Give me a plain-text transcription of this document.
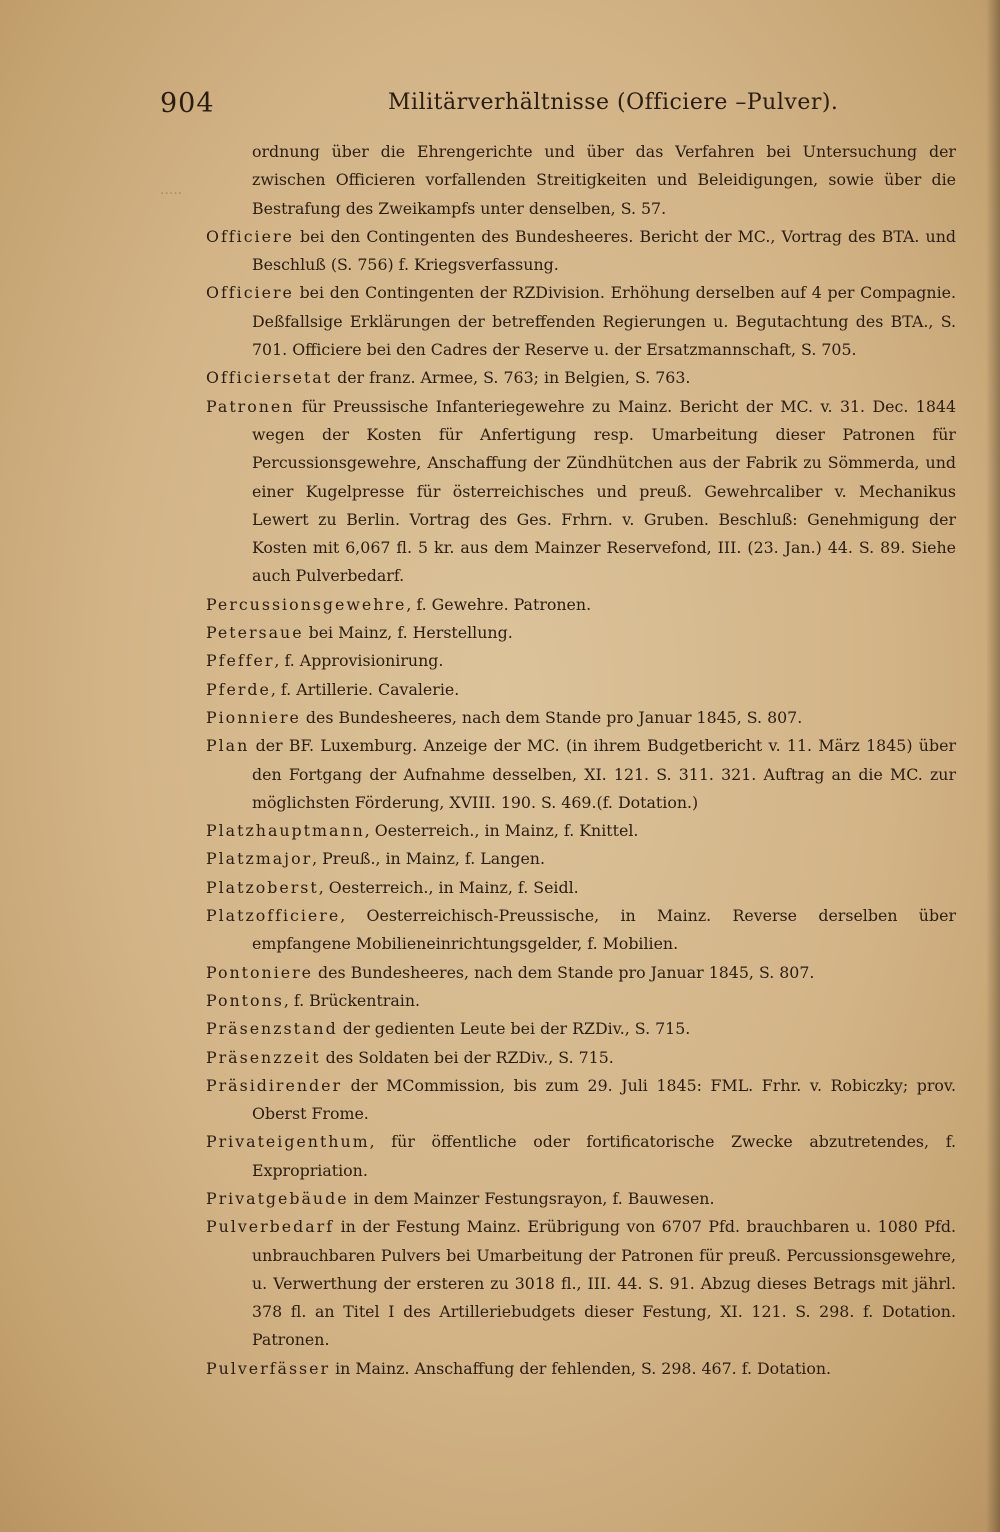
·····
904	Militärverhältnisse (Officiere –Pulver).

ordnung über die Ehrengerichte und über das Verfahren bei Untersuchung der zwischen Officieren vorfallenden Streitigkeiten und Beleidigungen, sowie über die Bestrafung des Zweikampfs unter denselben, S. 57.

Officiere bei den Contingenten des Bundesheeres. Bericht der MC., Vortrag des BTA. und Beschluß (S. 756) f. Kriegsverfassung.

Officiere bei den Contingenten der RZDivision. Erhöhung derselben auf 4 per Compagnie. Deßfallsige Erklärungen der betreffenden Regierungen u. Begutachtung des BTA., S. 701. Officiere bei den Cadres der Reserve u. der Ersatzmannschaft, S. 705.

Officiersetat der franz. Armee, S. 763; in Belgien, S. 763.

Patronen für Preussische Infanteriegewehre zu Mainz. Bericht der MC. v. 31. Dec. 1844 wegen der Kosten für Anfertigung resp. Umarbeitung dieser Patronen für Percussionsgewehre, Anschaffung der Zündhütchen aus der Fabrik zu Sömmerda, und einer Kugelpresse für österreichisches und preuß. Gewehrcaliber v. Mechanikus Lewert zu Berlin. Vortrag des Ges. Frhrn. v. Gruben. Beschluß: Genehmigung der Kosten mit 6,067 fl. 5 kr. aus dem Mainzer Reservefond, III. (23. Jan.) 44. S. 89. Siehe auch Pulverbedarf.

Percussionsgewehre, f. Gewehre. Patronen.

Petersaue bei Mainz, f. Herstellung.

Pfeffer, f. Approvisionirung.

Pferde, f. Artillerie. Cavalerie.

Pionniere des Bundesheeres, nach dem Stande pro Januar 1845, S. 807.

Plan der BF. Luxemburg. Anzeige der MC. (in ihrem Budgetbericht v. 11. März 1845) über den Fortgang der Aufnahme desselben, XI. 121. S. 311. 321. Auftrag an die MC. zur möglichsten Förderung, XVIII. 190. S. 469.(f. Dotation.)

Platzhauptmann, Oesterreich., in Mainz, f. Knittel.

Platzmajor, Preuß., in Mainz, f. Langen.

Platzoberst, Oesterreich., in Mainz, f. Seidl.

Platzofficiere, Oesterreichisch-Preussische, in Mainz. Reverse derselben über empfangene Mobilieneinrichtungsgelder, f. Mobilien.

Pontoniere des Bundesheeres, nach dem Stande pro Januar 1845, S. 807.

Pontons, f. Brückentrain.

Präsenzstand der gedienten Leute bei der RZDiv., S. 715.

Präsenzzeit des Soldaten bei der RZDiv., S. 715.

Präsidirender der MCommission, bis zum 29. Juli 1845: FML. Frhr. v. Robiczky; prov. Oberst Frome.

Privateigenthum, für öffentliche oder fortificatorische Zwecke abzutretendes, f. Expropriation.

Privatgebäude in dem Mainzer Festungsrayon, f. Bauwesen.

Pulverbedarf in der Festung Mainz. Erübrigung von 6707 Pfd. brauchbaren u. 1080 Pfd. unbrauchbaren Pulvers bei Umarbeitung der Patronen für preuß. Percussionsgewehre, u. Verwerthung der ersteren zu 3018 fl., III. 44. S. 91. Abzug dieses Betrags mit jährl. 378 fl. an Titel I des Artilleriebudgets dieser Festung, XI. 121. S. 298. f. Dotation. Patronen.

Pulverfässer in Mainz. Anschaffung der fehlenden, S. 298. 467. f. Dotation.
